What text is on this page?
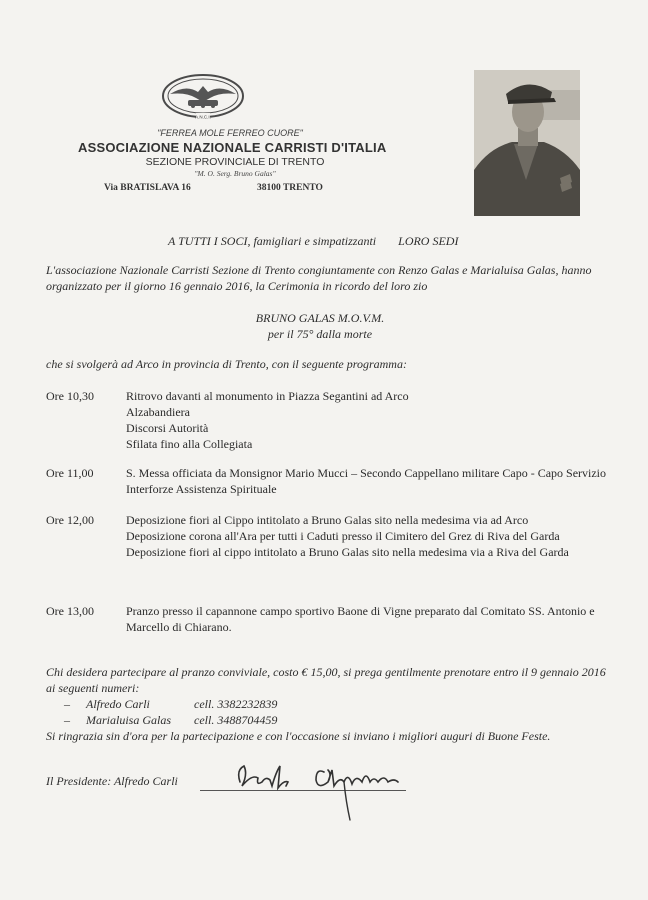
A.N.C.I.
"FERREA MOLE FERREO CUORE"
ASSOCIAZIONE NAZIONALE CARRISTI D'ITALIA
SEZIONE PROVINCIALE DI TRENTO
"M. O. Serg. Bruno Galas"
Via BRATISLAVA 16	38100 TRENTO
A TUTTI I SOCI, famigliari e simpatizzanti LORO SEDI
L'associazione Nazionale Carristi Sezione di Trento congiuntamente con Renzo Galas e Marialuisa Galas, hanno organizzato per il giorno 16 gennaio 2016, la Cerimonia in ricordo del loro zio
BRUNO GALAS M.O.V.M.
per il 75° dalla morte
che si svolgerà ad Arco in provincia di Trento, con il seguente programma:
Ore 10,30	Ritrovo davanti al monumento in Piazza Segantini ad Arco
Alzabandiera
Discorsi Autorità
Sfilata fino alla Collegiata
Ore 11,00	S. Messa officiata da Monsignor Mario Mucci – Secondo Cappellano militare Capo - Capo Servizio Interforze Assistenza Spirituale
Ore 12,00	Deposizione fiori al Cippo intitolato a Bruno Galas sito nella medesima via ad Arco
Deposizione corona all'Ara per tutti i Caduti presso il Cimitero del Grez di Riva del Garda
Deposizione fiori al cippo intitolato a Bruno Galas sito nella medesima via a Riva del Garda
Ore 13,00	Pranzo presso il capannone campo sportivo Baone di Vigne preparato dal Comitato SS. Antonio e Marcello di Chiarano.
Chi desidera partecipare al pranzo conviviale, costo € 15,00, si prega gentilmente prenotare entro il 9 gennaio 2016 ai seguenti numeri:
– Alfredo Carli	cell. 3382232839
– Marialuisa Galas cell. 3488704459
Si ringrazia sin d'ora per la partecipazione e con l'occasione si inviano i migliori auguri di Buone Feste.
Il Presidente: Alfredo Carli
